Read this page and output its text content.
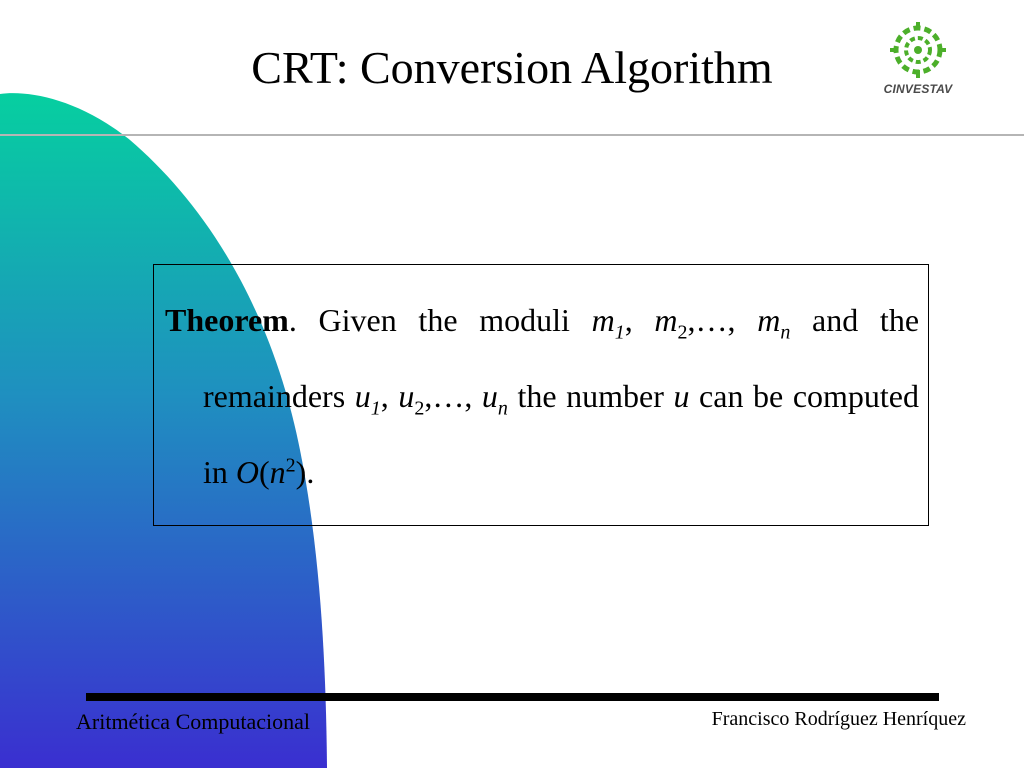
CRT: Conversion Algorithm	CINVESTAV
Theorem. Given the moduli $m_1$, $m_2,\dots$, $m_n$ and the remainders $u_1$, $u_2,\dots$, $u_n$ the number u can be computed in $O(n^2)$.
Aritmética Computacional	Francisco Rodríguez Henríquez
